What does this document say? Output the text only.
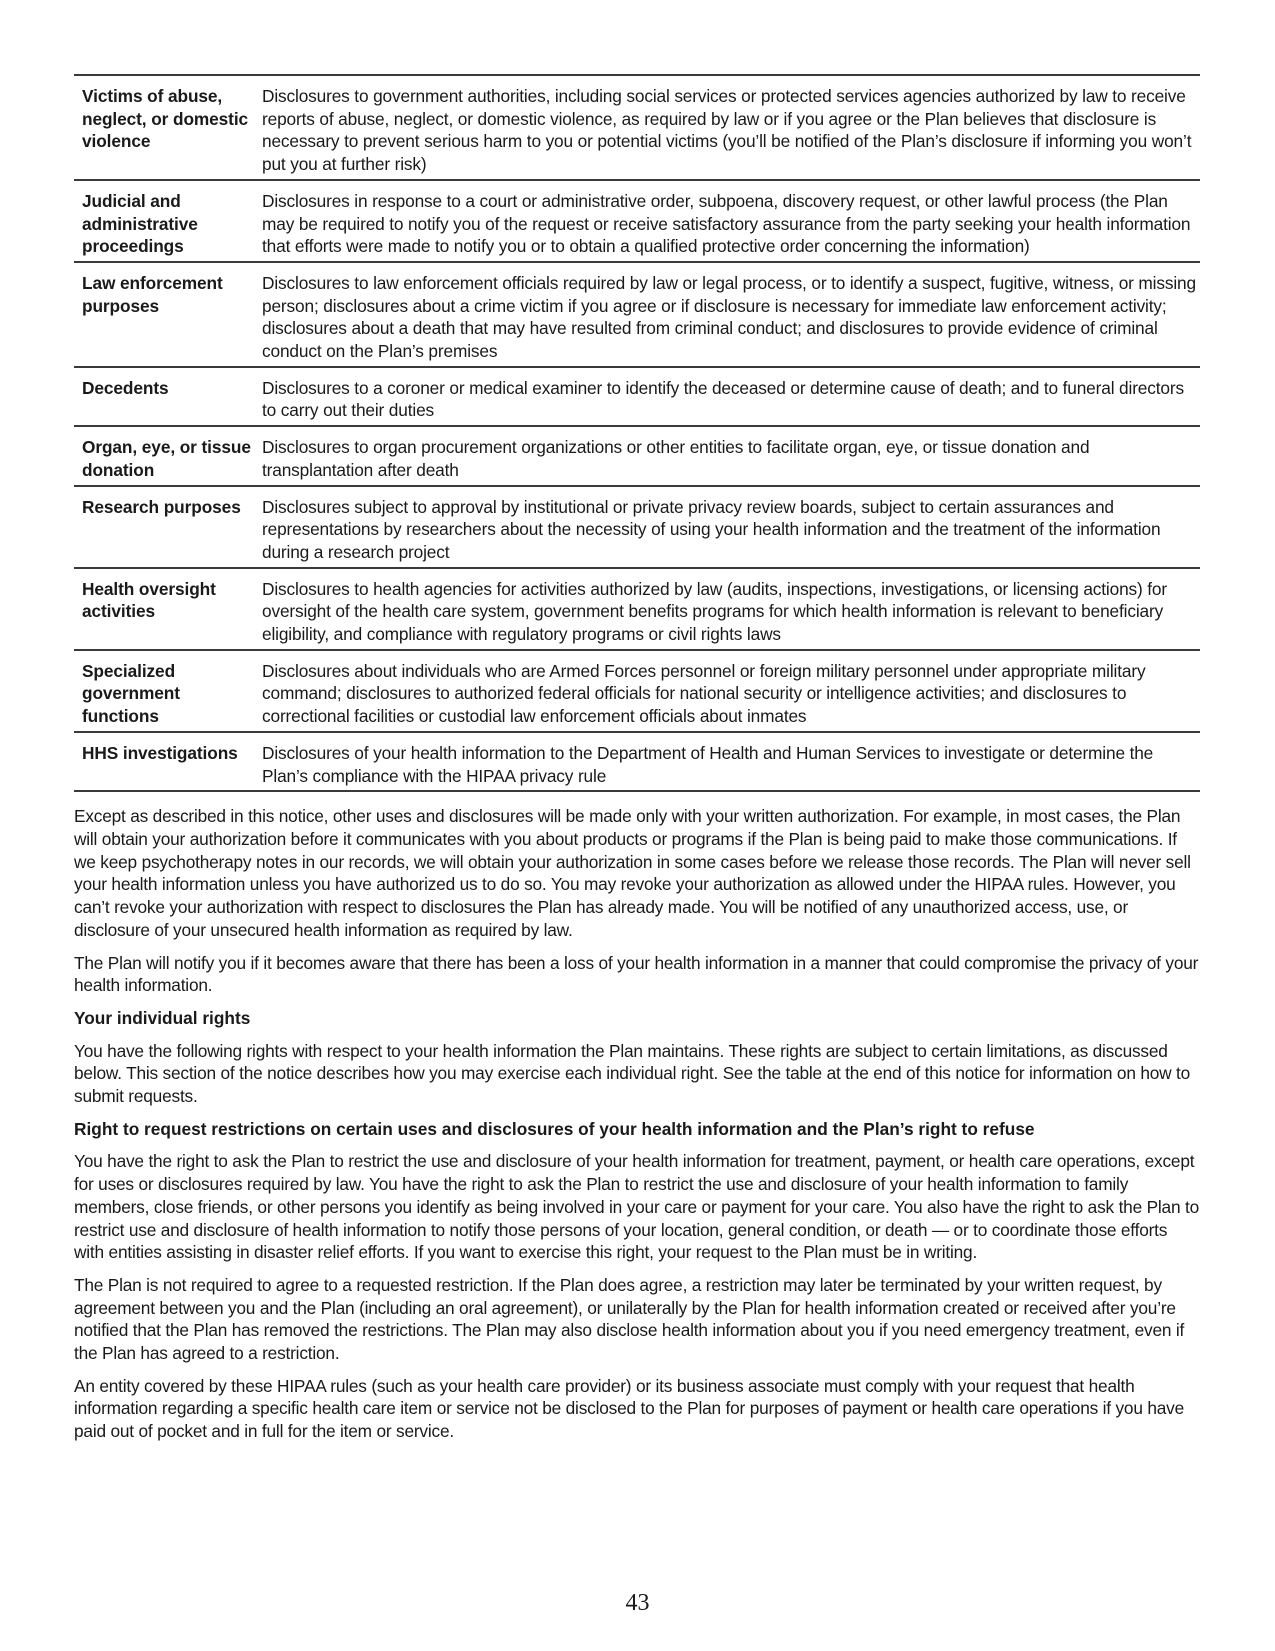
Victims of abuse, neglect, or domestic violence	Disclosures to government authorities, including social services or protected services agencies authorized by law to receive reports of abuse, neglect, or domestic violence, as required by law or if you agree or the Plan believes that disclosure is necessary to prevent serious harm to you or potential victims (you’ll be notified of the Plan’s disclosure if informing you won’t put you at further risk)
Judicial and administrative proceedings	Disclosures in response to a court or administrative order, subpoena, discovery request, or other lawful process (the Plan may be required to notify you of the request or receive satisfactory assurance from the party seeking your health information that efforts were made to notify you or to obtain a qualified protective order concerning the information)
Law enforcement purposes	Disclosures to law enforcement officials required by law or legal process, or to identify a suspect, fugitive, witness, or missing person; disclosures about a crime victim if you agree or if disclosure is necessary for immediate law enforcement activity; disclosures about a death that may have resulted from criminal conduct; and disclosures to provide evidence of criminal conduct on the Plan’s premises
Decedents	Disclosures to a coroner or medical examiner to identify the deceased or determine cause of death; and to funeral directors to carry out their duties
Organ, eye, or tissue donation	Disclosures to organ procurement organizations or other entities to facilitate organ, eye, or tissue donation and transplantation after death
Research purposes	Disclosures subject to approval by institutional or private privacy review boards, subject to certain assurances and representations by researchers about the necessity of using your health information and the treatment of the information during a research project
Health oversight activities	Disclosures to health agencies for activities authorized by law (audits, inspections, investigations, or licensing actions) for oversight of the health care system, government benefits programs for which health information is relevant to beneficiary eligibility, and compliance with regulatory programs or civil rights laws
Specialized government functions	Disclosures about individuals who are Armed Forces personnel or foreign military personnel under appropriate military command; disclosures to authorized federal officials for national security or intelligence activities; and disclosures to correctional facilities or custodial law enforcement officials about inmates
HHS investigations	Disclosures of your health information to the Department of Health and Human Services to investigate or determine the Plan’s compliance with the HIPAA privacy rule

Except as described in this notice, other uses and disclosures will be made only with your written authorization. For example, in most cases, the Plan will obtain your authorization before it communicates with you about products or programs if the Plan is being paid to make those communications. If we keep psychotherapy notes in our records, we will obtain your authorization in some cases before we release those records. The Plan will never sell your health information unless you have authorized us to do so. You may revoke your authorization as allowed under the HIPAA rules. However, you can’t revoke your authorization with respect to disclosures the Plan has already made. You will be notified of any unauthorized access, use, or disclosure of your unsecured health information as required by law.

The Plan will notify you if it becomes aware that there has been a loss of your health information in a manner that could compromise the privacy of your health information.

Your individual rights

You have the following rights with respect to your health information the Plan maintains. These rights are subject to certain limitations, as discussed below. This section of the notice describes how you may exercise each individual right. See the table at the end of this notice for information on how to submit requests.

Right to request restrictions on certain uses and disclosures of your health information and the Plan’s right to refuse

You have the right to ask the Plan to restrict the use and disclosure of your health information for treatment, payment, or health care operations, except for uses or disclosures required by law. You have the right to ask the Plan to restrict the use and disclosure of your health information to family members, close friends, or other persons you identify as being involved in your care or payment for your care. You also have the right to ask the Plan to restrict use and disclosure of health information to notify those persons of your location, general condition, or death — or to coordinate those efforts with entities assisting in disaster relief efforts. If you want to exercise this right, your request to the Plan must be in writing.

The Plan is not required to agree to a requested restriction. If the Plan does agree, a restriction may later be terminated by your written request, by agreement between you and the Plan (including an oral agreement), or unilaterally by the Plan for health information created or received after you’re notified that the Plan has removed the restrictions. The Plan may also disclose health information about you if you need emergency treatment, even if the Plan has agreed to a restriction.

An entity covered by these HIPAA rules (such as your health care provider) or its business associate must comply with your request that health information regarding a specific health care item or service not be disclosed to the Plan for purposes of payment or health care operations if you have paid out of pocket and in full for the item or service.

43
